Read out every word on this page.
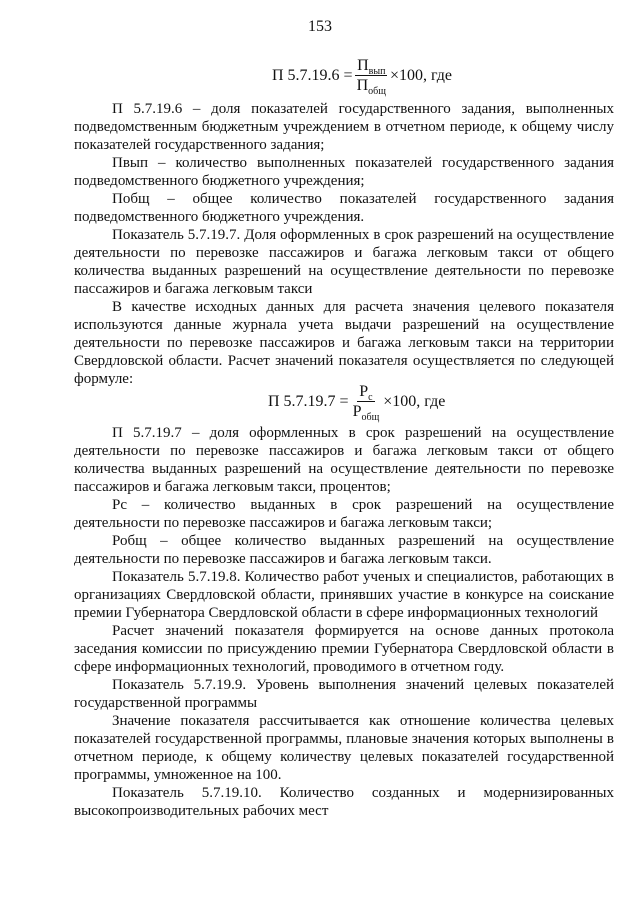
153
П $5.7.19.6 = \frac{П_{вып}}{П_{общ}} \times 100$, где

П 5.7.19.6 – доля показателей государственного задания, выполненных подведомственным бюджетным учреждением в отчетном периоде, к общему числу показателей государственного задания;

Пвып – количество выполненных показателей государственного задания подведомственного бюджетного учреждения;

Побщ – общее количество показателей государственного задания подведомственного бюджетного учреждения.

Показатель 5.7.19.7. Доля оформленных в срок разрешений на осуществление деятельности по перевозке пассажиров и багажа легковым такси от общего количества выданных разрешений на осуществление деятельности по перевозке пассажиров и багажа легковым такси

В качестве исходных данных для расчета значения целевого показателя используются данные журнала учета выдачи разрешений на осуществление деятельности по перевозке пассажиров и багажа легковым такси на территории Свердловской области. Расчет значений показателя осуществляется по следующей формуле:

П $5.7.19.7 = \frac{Р_с}{Р_{общ}} \times 100$, где

П 5.7.19.7 – доля оформленных в срок разрешений на осуществление деятельности по перевозке пассажиров и багажа легковым такси от общего количества выданных разрешений на осуществление деятельности по перевозке пассажиров и багажа легковым такси, процентов;

Рс – количество выданных в срок разрешений на осуществление деятельности по перевозке пассажиров и багажа легковым такси;

Робщ – общее количество выданных разрешений на осуществление деятельности по перевозке пассажиров и багажа легковым такси.

Показатель 5.7.19.8. Количество работ ученых и специалистов, работающих в организациях Свердловской области, принявших участие в конкурсе на соискание премии Губернатора Свердловской области в сфере информационных технологий

Расчет значений показателя формируется на основе данных протокола заседания комиссии по присуждению премии Губернатора Свердловской области в сфере информационных технологий, проводимого в отчетном году.

Показатель 5.7.19.9. Уровень выполнения значений целевых показателей государственной программы

Значение показателя рассчитывается как отношение количества целевых показателей государственной программы, плановые значения которых выполнены в отчетном периоде, к общему количеству целевых показателей государственной программы, умноженное на 100.

Показатель 5.7.19.10. Количество созданных и модернизированных высокопроизводительных рабочих мест
